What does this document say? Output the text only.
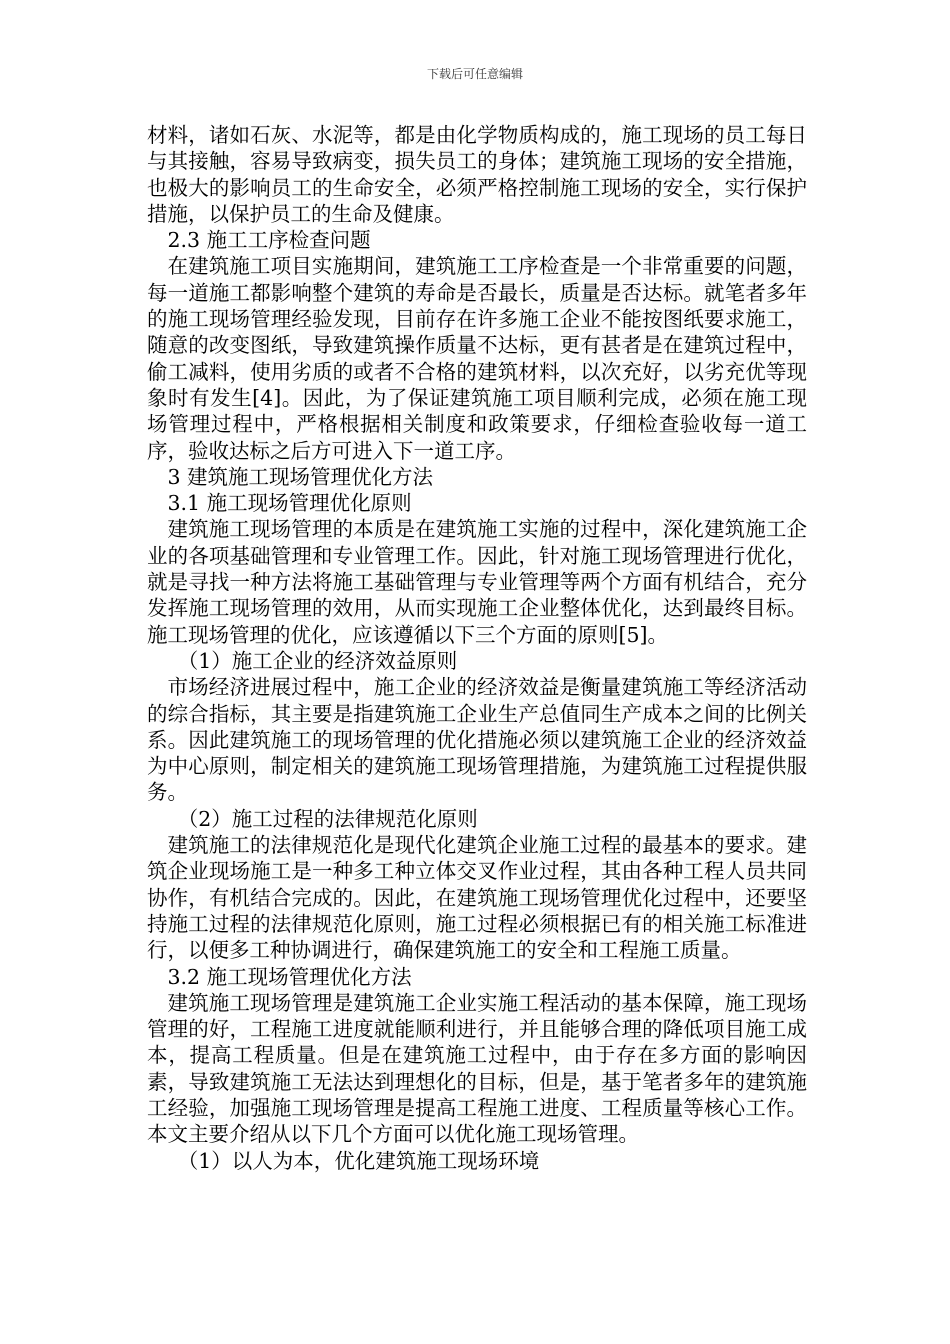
下载后可任意编辑

材料，诸如石灰、水泥等，都是由化学物质构成的，施工现场的员工每日与其接触，容易导致病变，损失员工的身体；建筑施工现场的安全措施，也极大的影响员工的生命安全，必须严格控制施工现场的安全，实行保护措施，以保护员工的生命及健康。

2.3 施工工序检查问题

在建筑施工项目实施期间，建筑施工工序检查是一个非常重要的问题，每一道施工都影响整个建筑的寿命是否最长，质量是否达标。就笔者多年的施工现场管理经验发现，目前存在许多施工企业不能按图纸要求施工，随意的改变图纸，导致建筑操作质量不达标，更有甚者是在建筑过程中，偷工减料，使用劣质的或者不合格的建筑材料，以次充好，以劣充优等现象时有发生[4]。因此，为了保证建筑施工项目顺利完成，必须在施工现场管理过程中，严格根据相关制度和政策要求，仔细检查验收每一道工序，验收达标之后方可进入下一道工序。

3 建筑施工现场管理优化方法

3.1 施工现场管理优化原则

建筑施工现场管理的本质是在建筑施工实施的过程中，深化建筑施工企业的各项基础管理和专业管理工作。因此，针对施工现场管理进行优化，就是寻找一种方法将施工基础管理与专业管理等两个方面有机结合，充分发挥施工现场管理的效用，从而实现施工企业整体优化，达到最终目标。施工现场管理的优化，应该遵循以下三个方面的原则[5]。

（1）施工企业的经济效益原则

市场经济进展过程中，施工企业的经济效益是衡量建筑施工等经济活动的综合指标，其主要是指建筑施工企业生产总值同生产成本之间的比例关系。因此建筑施工的现场管理的优化措施必须以建筑施工企业的经济效益为中心原则，制定相关的建筑施工现场管理措施，为建筑施工过程提供服务。

（2）施工过程的法律规范化原则

建筑施工的法律规范化是现代化建筑企业施工过程的最基本的要求。建筑企业现场施工是一种多工种立体交叉作业过程，其由各种工程人员共同协作，有机结合完成的。因此，在建筑施工现场管理优化过程中，还要坚持施工过程的法律规范化原则，施工过程必须根据已有的相关施工标准进行，以便多工种协调进行，确保建筑施工的安全和工程施工质量。

3.2 施工现场管理优化方法

建筑施工现场管理是建筑施工企业实施工程活动的基本保障，施工现场管理的好，工程施工进度就能顺利进行，并且能够合理的降低项目施工成本，提高工程质量。但是在建筑施工过程中，由于存在多方面的影响因素，导致建筑施工无法达到理想化的目标，但是，基于笔者多年的建筑施工经验，加强施工现场管理是提高工程施工进度、工程质量等核心工作。本文主要介绍从以下几个方面可以优化施工现场管理。

（1）以人为本，优化建筑施工现场环境
